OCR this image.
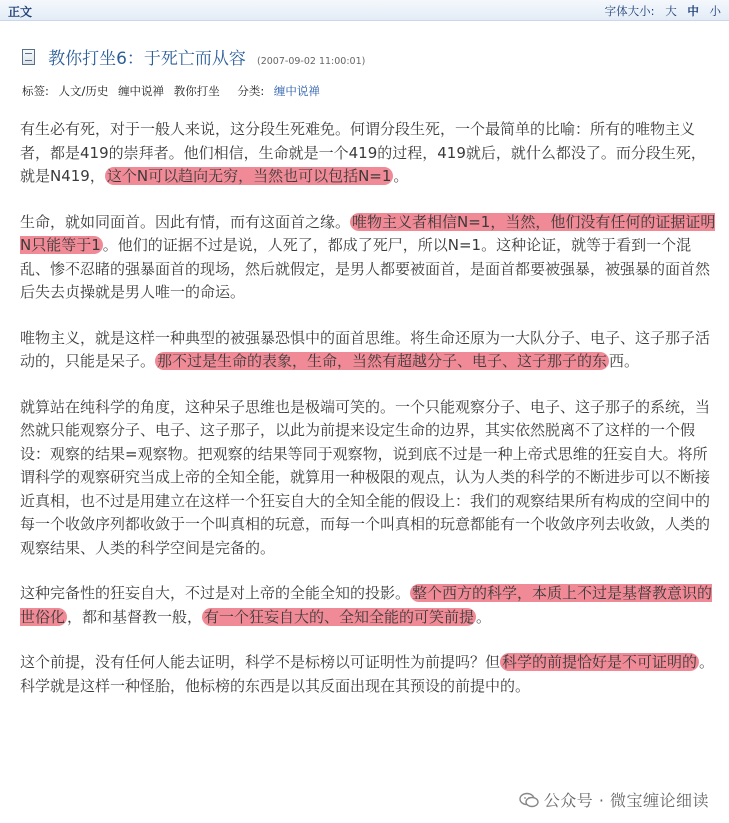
正文	字体大小: 大 中 小
教你打坐6：于死亡而从容 (2007-09-02 11:00:01)
标签: 人文/历史 缠中说禅 教你打坐 分类: 缠中说禅

有生必有死，对于一般人来说，这分段生死难免。何谓分段生死，一个最简单的比喻：所有的唯物主义者，都是419的崇拜者。他们相信，生命就是一个419的过程，419就后，就什么都没了。而分段生死，就是N419， 这个N可以趋向无穷，当然也可以包括N=1 。

生命，就如同面首。因此有情，而有这面首之缘。 唯物主义者相信N=1，当然，他们没有任何的证据证明N只能等于1 。他们的证据不过是说，人死了，都成了死尸，所以N=1。这种论证，就等于看到一个混乱、惨不忍睹的强暴面首的现场，然后就假定，是男人都要被面首，是面首都要被强暴，被强暴的面首然后失去贞操就是男人唯一的命运。

唯物主义，就是这样一种典型的被强暴恐惧中的面首思维。将生命还原为一大队分子、电子、这子那子活动的，只能是呆子。 那不过是生命的表象，生命，当然有超越分子、电子、这子那子的东 西。

就算站在纯科学的角度，这种呆子思维也是极端可笑的。一个只能观察分子、电子、这子那子的系统，当然就只能观察分子、电子、这子那子，以此为前提来设定生命的边界，其实依然脱离不了这样的一个假设：观察的结果=观察物。把观察的结果等同于观察物，说到底不过是一种上帝式思维的狂妄自大。将所谓科学的观察研究当成上帝的全知全能，就算用一种极限的观点，认为人类的科学的不断进步可以不断接近真相，也不过是用建立在这样一个狂妄自大的全知全能的假设上：我们的观察结果所有构成的空间中的每一个收敛序列都收敛于一个叫真相的玩意，而每一个叫真相的玩意都能有一个收敛序列去收敛，人类的观察结果、人类的科学空间是完备的。

这种完备性的狂妄自大，不过是对上帝的全能全知的投影。 整个西方的科学，本质上不过是基督教意识的世俗化 ，都和基督教一般， 有一个狂妄自大的、全知全能的可笑前提 。

这个前提，没有任何人能去证明，科学不是标榜以可证明性为前提吗？但 科学的前提恰好是不可证明的 。科学就是这样一种怪胎，他标榜的东西是以其反面出现在其预设的前提中的。

公众号 · 微宝缠论细读
